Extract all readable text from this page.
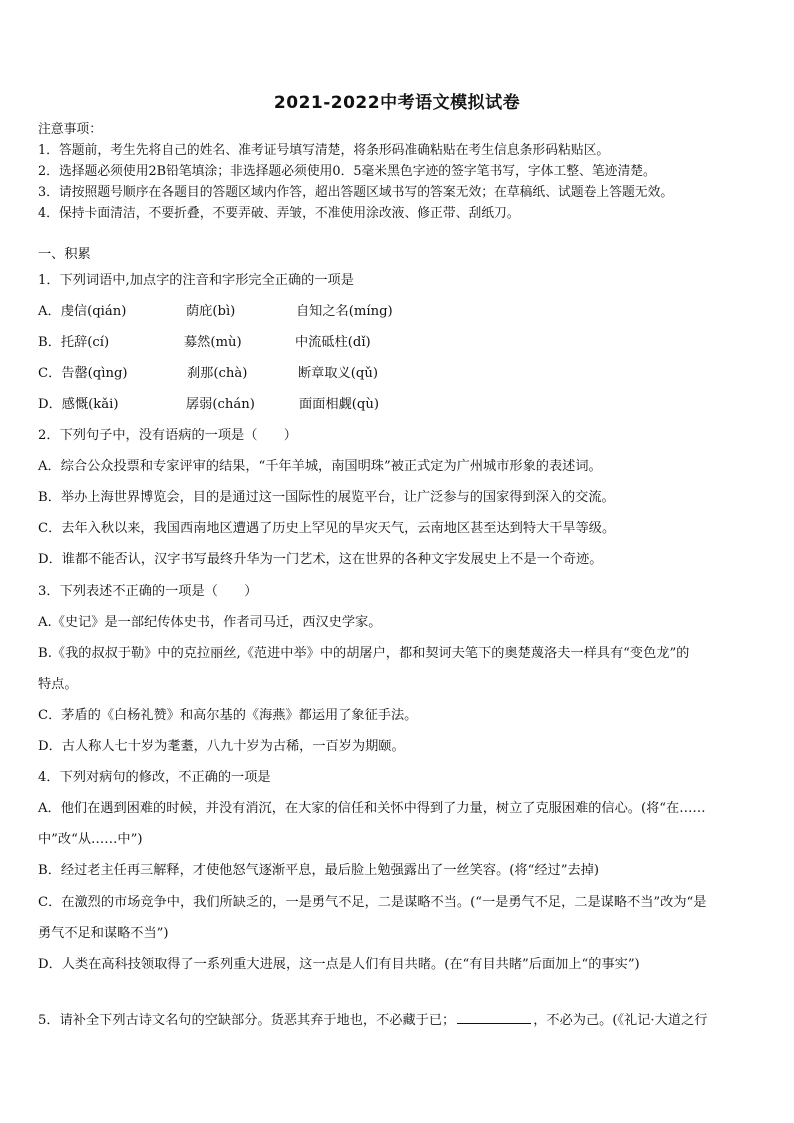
2021-2022中考语文模拟试卷
注意事项：
1．答题前，考生先将自己的姓名、准考证号填写清楚，将条形码准确粘贴在考生信息条形码粘贴区。
2．选择题必须使用2B铅笔填涂；非选择题必须使用0．5毫米黑色字迹的签字笔书写，字体工整、笔迹清楚。
3．请按照题号顺序在各题目的答题区域内作答，超出答题区域书写的答案无效；在草稿纸、试题卷上答题无效。
4．保持卡面清洁，不要折叠，不要弄破、弄皱，不准使用涂改液、修正带、刮纸刀。
一、积累
1．下列词语中,加点字的注音和字形完全正确的一项是
A．虔信(qián)	荫庇(bì)	自知之名(míng)
B．托辞(cí)	募然(mù)	中流砥柱(dǐ)
C．告罄(qìng)	刹那(chà)	断章取义(qǔ)
D．感慨(kǎi)	孱弱(chán)	面面相觑(qù)
2．下列句子中，没有语病的一项是（　　）
A．综合公众投票和专家评审的结果，“千年羊城，南国明珠”被正式定为广州城市形象的表述词。
B．举办上海世界博览会，目的是通过这一国际性的展览平台，让广泛参与的国家得到深入的交流。
C．去年入秋以来，我国西南地区遭遇了历史上罕见的旱灾天气，云南地区甚至达到特大干旱等级。
D．谁都不能否认，汉字书写最终升华为一门艺术，这在世界的各种文字发展史上不是一个奇迹。
3．下列表述不正确的一项是（　　）
A.《史记》是一部纪传体史书，作者司马迁，西汉史学家。
B.《我的叔叔于勒》中的克拉丽丝,《范进中举》中的胡屠户，都和契诃夫笔下的奥楚蔑洛夫一样具有“变色龙”的
特点。
C．茅盾的《白杨礼赞》和高尔基的《海燕》都运用了象征手法。
D．古人称人七十岁为耄耋，八九十岁为古稀，一百岁为期颐。
4．下列对病句的修改，不正确的一项是
A．他们在遇到困难的时候，并没有消沉，在大家的信任和关怀中得到了力量，树立了克服困难的信心。(将“在……
中”改“从……中”)
B．经过老主任再三解释，才使他怒气逐渐平息，最后脸上勉强露出了一丝笑容。(将“经过”去掉)
C．在激烈的市场竞争中，我们所缺乏的，一是勇气不足，二是谋略不当。(“一是勇气不足，二是谋略不当”改为“是
勇气不足和谋略不当”)
D．人类在高科技领取得了一系列重大进展，这一点是人们有目共睹。(在“有目共睹”后面加上“的事实”)
5．请补全下列古诗文名句的空缺部分。货恶其弃于地也，不必藏于已；	，不必为己。(《礼记·大道之行
